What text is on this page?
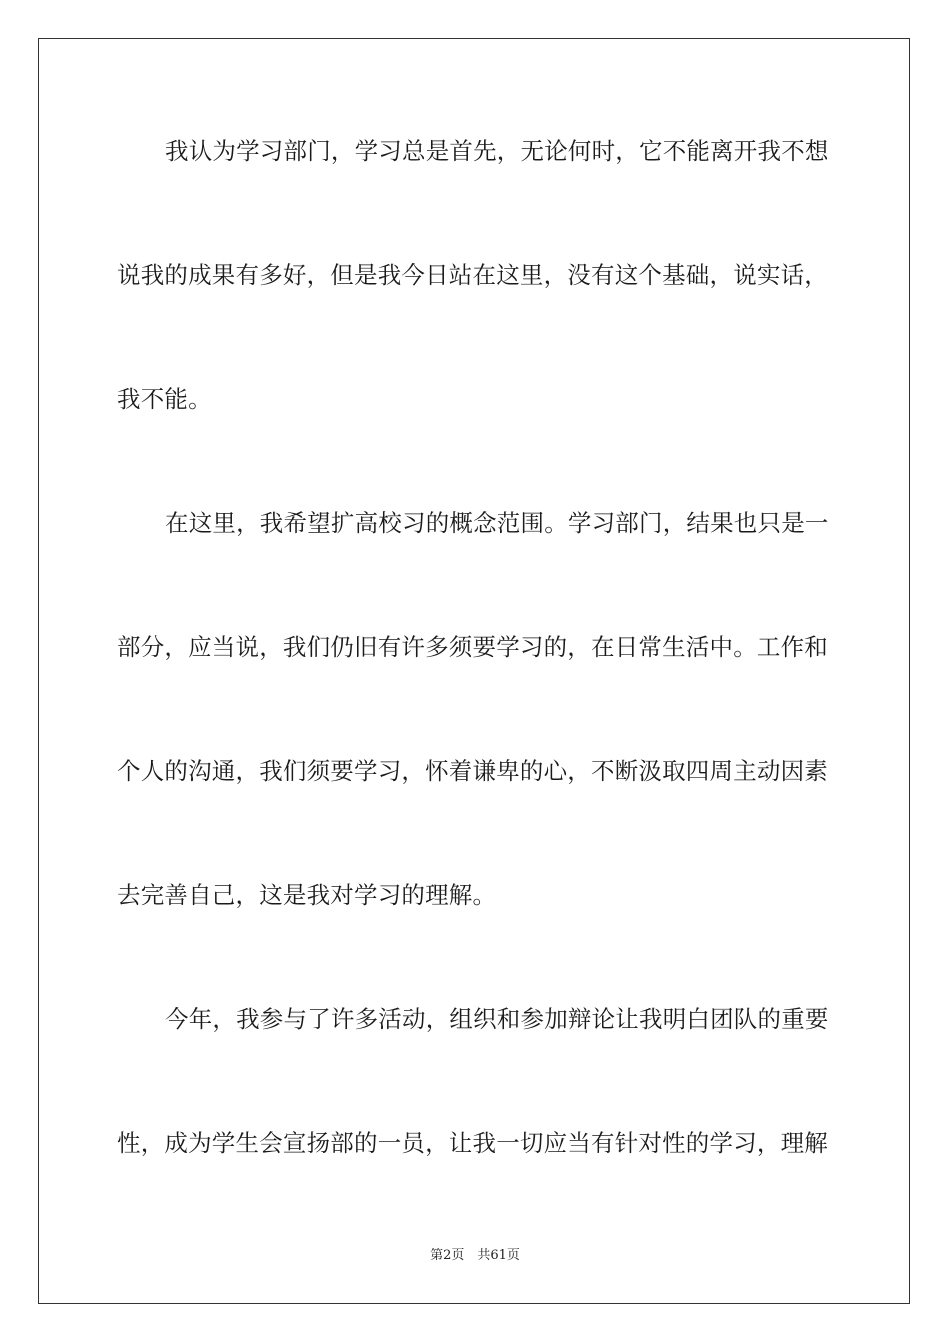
我认为学习部门，学习总是首先，无论何时，它不能离开我不想
说我的成果有多好，但是我今日站在这里，没有这个基础，说实话，
我不能。
在这里，我希望扩高校习的概念范围。学习部门，结果也只是一
部分，应当说，我们仍旧有许多须要学习的，在日常生活中。工作和
个人的沟通，我们须要学习，怀着谦卑的心，不断汲取四周主动因素
去完善自己，这是我对学习的理解。
今年，我参与了许多活动，组织和参加辩论让我明白团队的重要
性，成为学生会宣扬部的一员，让我一切应当有针对性的学习，理解
第2页　共61页
